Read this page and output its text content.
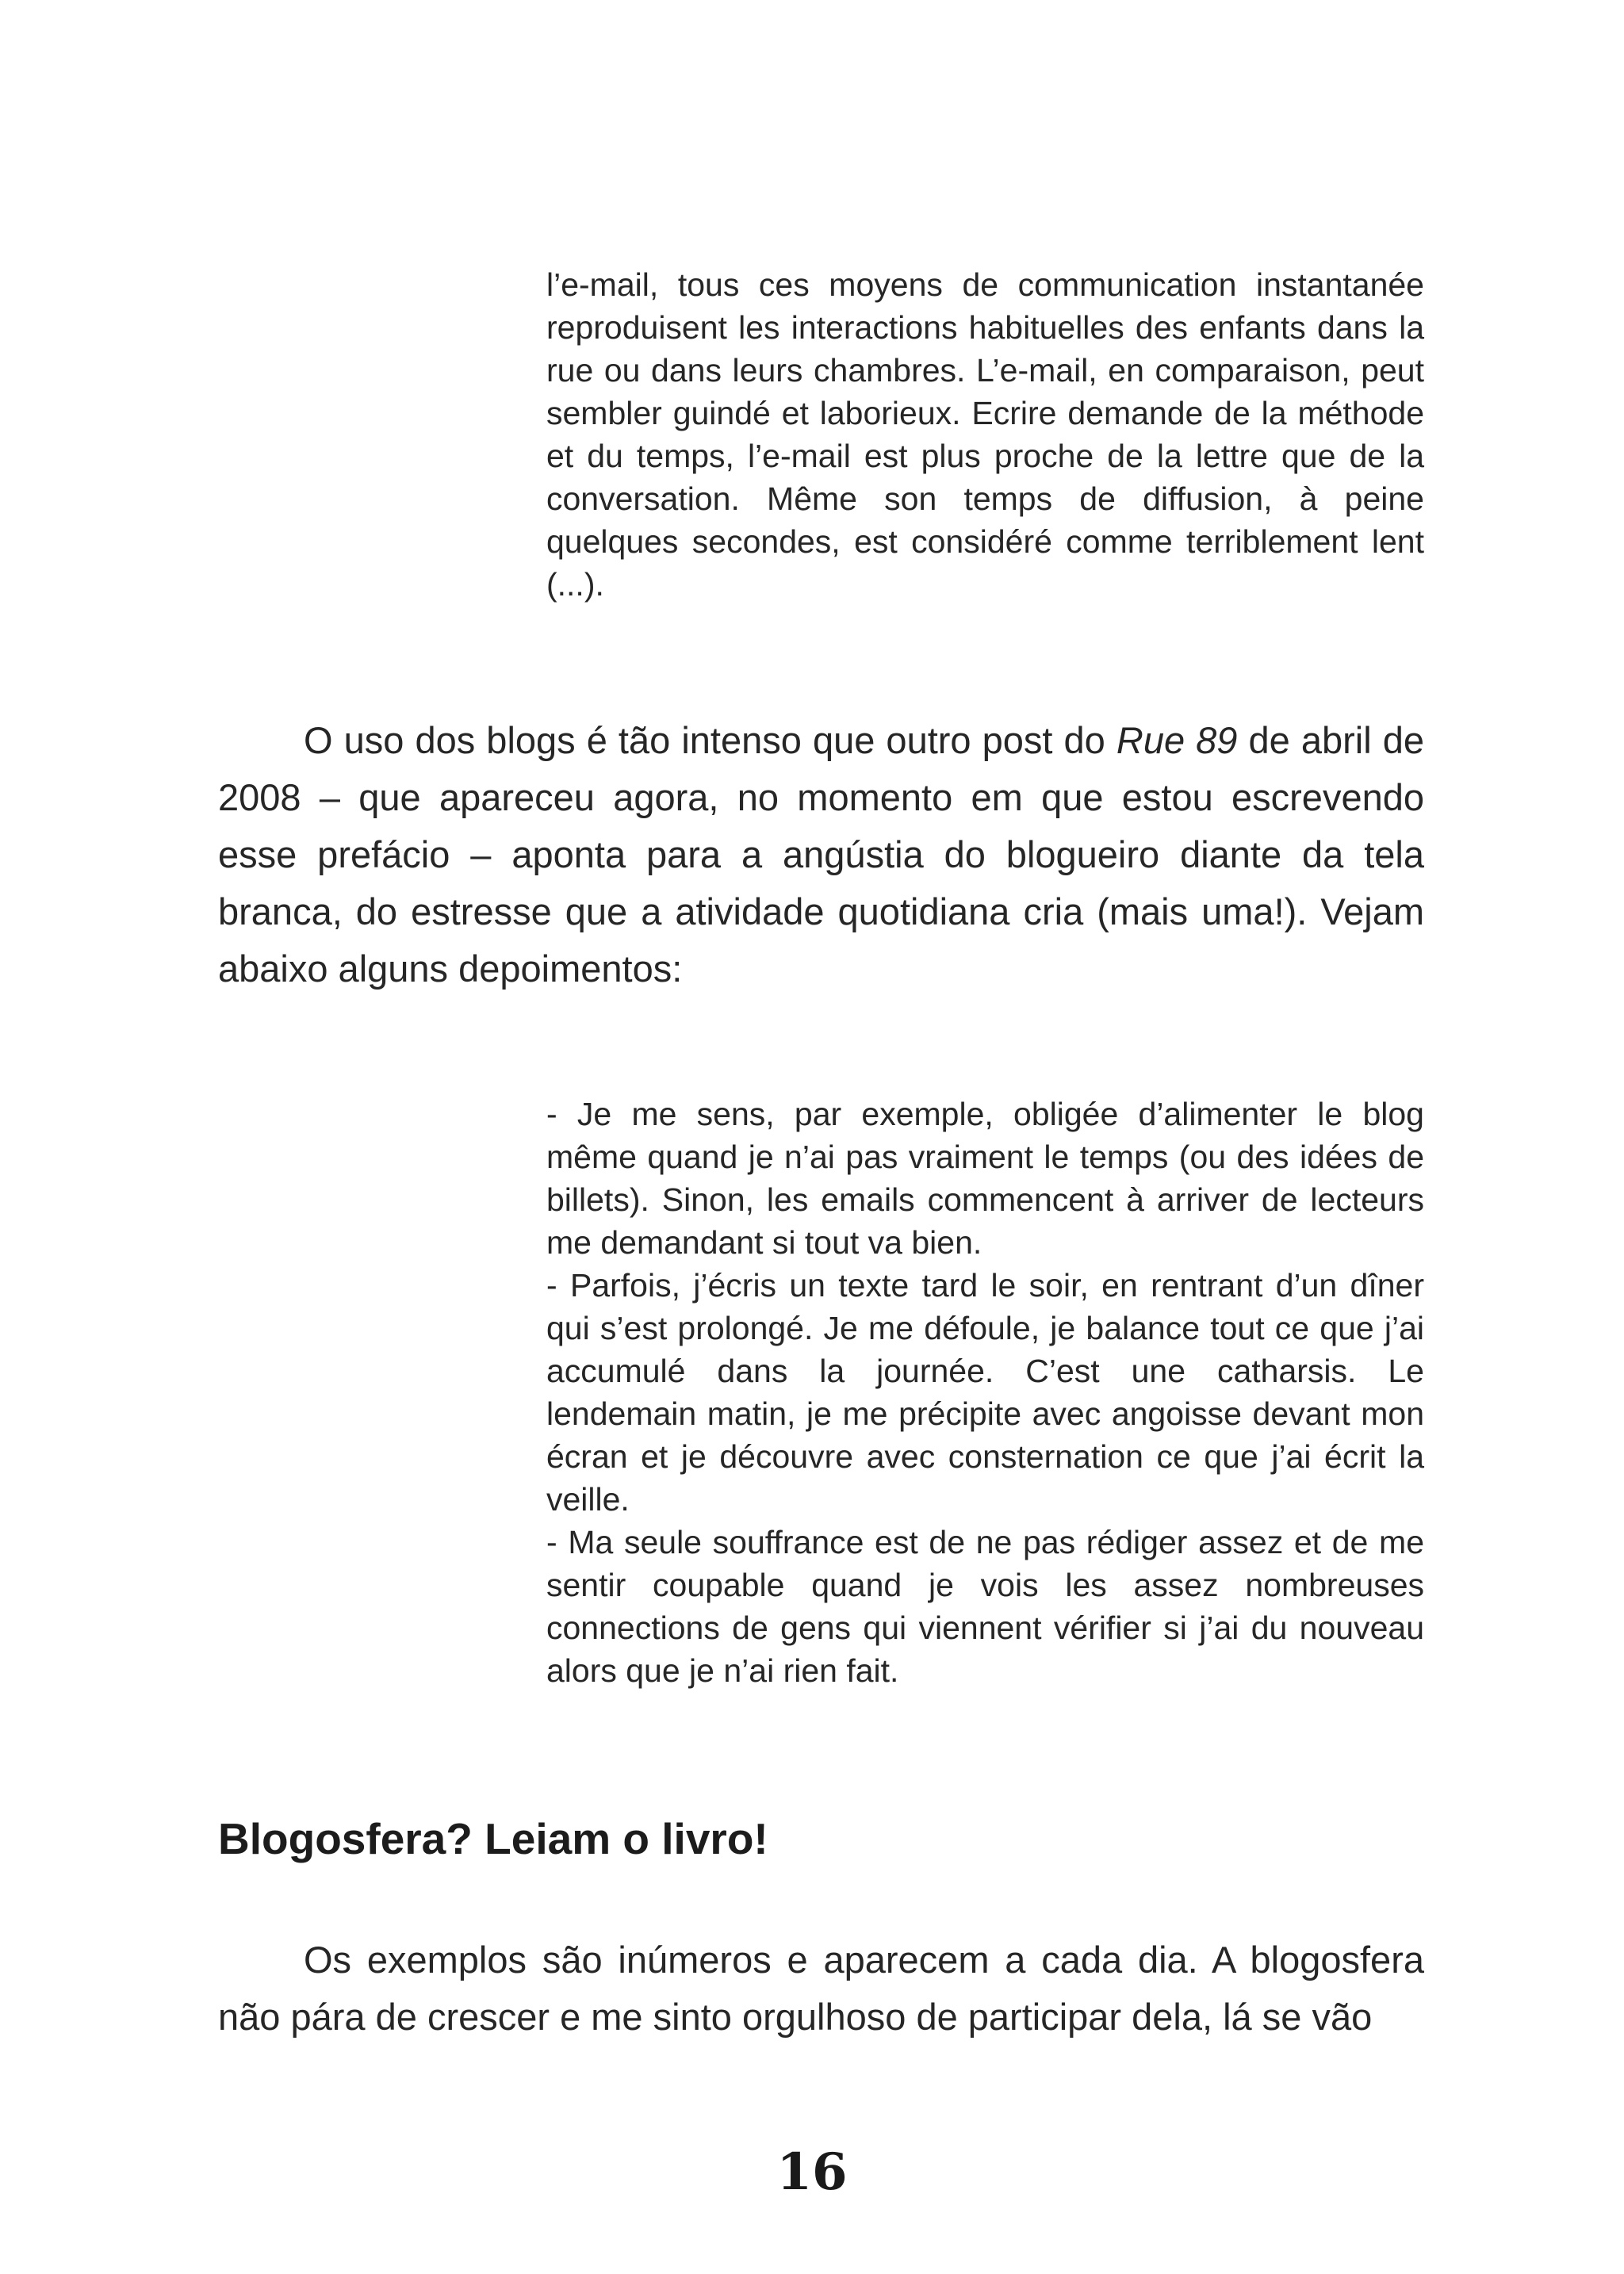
l’e-mail, tous ces moyens de communication instantanée reproduisent les interactions habituelles des enfants dans la rue ou dans leurs chambres. L’e-mail, en comparaison, peut sembler guindé et laborieux. Ecrire demande de la méthode et du temps, l’e-mail est plus proche de la lettre que de la conversation. Même son temps de diffusion, à peine quelques secondes, est considéré comme terriblement lent (...).

O uso dos blogs é tão intenso que outro post do Rue 89 de abril de 2008 – que apareceu agora, no momento em que estou escrevendo esse prefácio – aponta para a angústia do blogueiro diante da tela branca, do estresse que a atividade quotidiana cria (mais uma!). Vejam abaixo alguns depoimentos:

- Je me sens, par exemple, obligée d’alimenter le blog même quand je n’ai pas vraiment le temps (ou des idées de billets). Sinon, les emails commencent à arriver de lecteurs me demandant si tout va bien.

- Parfois, j’écris un texte tard le soir, en rentrant d’un dîner qui s’est prolongé. Je me défoule, je balance tout ce que j’ai accumulé dans la journée. C’est une catharsis. Le lendemain matin, je me précipite avec angoisse devant mon écran et je découvre avec consternation ce que j’ai écrit la veille.

- Ma seule souffrance est de ne pas rédiger assez et de me sentir coupable quand je vois les assez nombreuses connections de gens qui viennent vérifier si j’ai du nouveau alors que je n’ai rien fait.

Blogosfera? Leiam o livro!

Os exemplos são inúmeros e aparecem a cada dia. A blogosfera não pára de crescer e me sinto orgulhoso de participar dela, lá se vão

16
